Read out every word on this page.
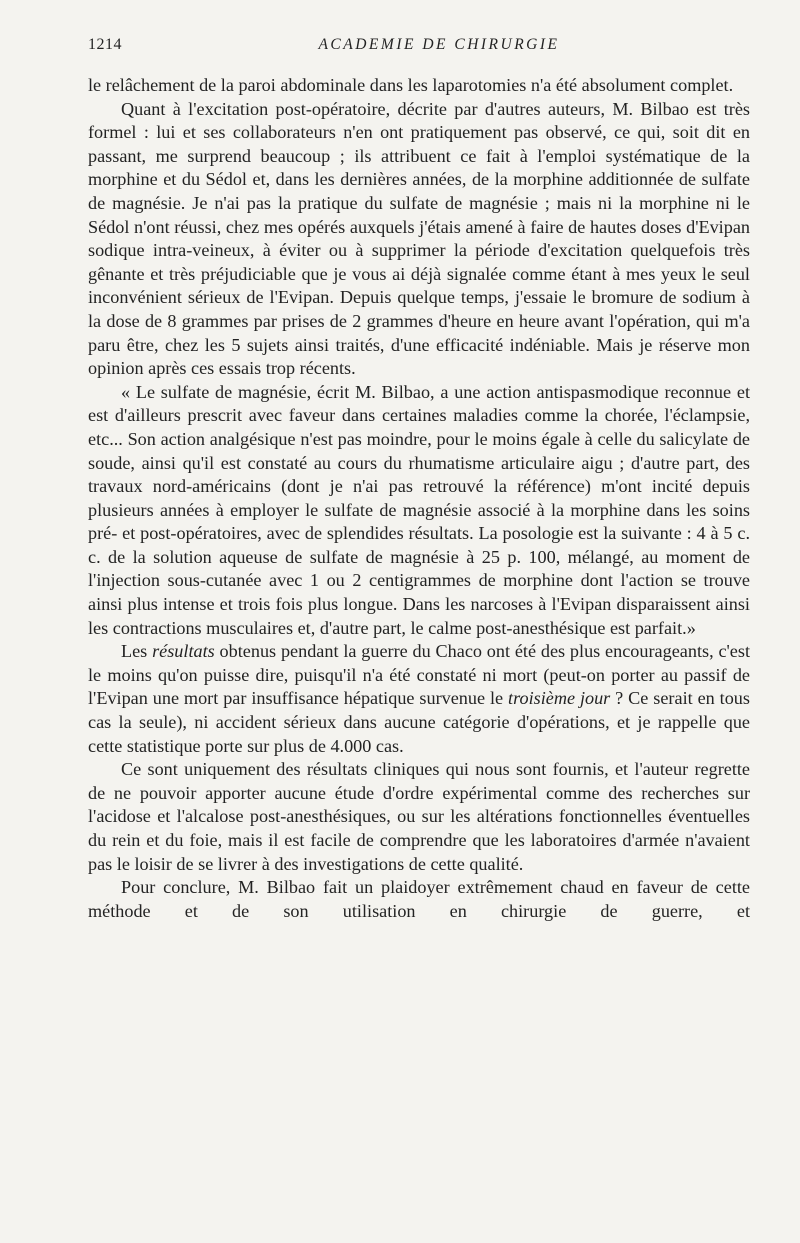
1214	ACADEMIE DE CHIRURGIE

le relâchement de la paroi abdominale dans les laparotomies n'a été absolument complet.

Quant à l'excitation post-opératoire, décrite par d'autres auteurs, M. Bilbao est très formel : lui et ses collaborateurs n'en ont pratiquement pas observé, ce qui, soit dit en passant, me surprend beaucoup ; ils attribuent ce fait à l'emploi systématique de la morphine et du Sédol et, dans les dernières années, de la morphine additionnée de sulfate de magnésie. Je n'ai pas la pratique du sulfate de magnésie ; mais ni la morphine ni le Sédol n'ont réussi, chez mes opérés auxquels j'étais amené à faire de hautes doses d'Evipan sodique intra-veineux, à éviter ou à supprimer la période d'excitation quelquefois très gênante et très préjudiciable que je vous ai déjà signalée comme étant à mes yeux le seul inconvénient sérieux de l'Evipan. Depuis quelque temps, j'essaie le bromure de sodium à la dose de 8 grammes par prises de 2 grammes d'heure en heure avant l'opération, qui m'a paru être, chez les 5 sujets ainsi traités, d'une efficacité indéniable. Mais je réserve mon opinion après ces essais trop récents.

« Le sulfate de magnésie, écrit M. Bilbao, a une action antispasmodique reconnue et est d'ailleurs prescrit avec faveur dans certaines maladies comme la chorée, l'éclampsie, etc... Son action analgésique n'est pas moindre, pour le moins égale à celle du salicylate de soude, ainsi qu'il est constaté au cours du rhumatisme articulaire aigu ; d'autre part, des travaux nord-américains (dont je n'ai pas retrouvé la référence) m'ont incité depuis plusieurs années à employer le sulfate de magnésie associé à la morphine dans les soins pré- et post-opératoires, avec de splendides résultats. La posologie est la suivante : 4 à 5 c. c. de la solution aqueuse de sulfate de magnésie à 25 p. 100, mélangé, au moment de l'injection sous-cutanée avec 1 ou 2 centigrammes de morphine dont l'action se trouve ainsi plus intense et trois fois plus longue. Dans les narcoses à l'Evipan disparaissent ainsi les contractions musculaires et, d'autre part, le calme post-anesthésique est parfait.»

Les résultats obtenus pendant la guerre du Chaco ont été des plus encourageants, c'est le moins qu'on puisse dire, puisqu'il n'a été constaté ni mort (peut-on porter au passif de l'Evipan une mort par insuffisance hépatique survenue le troisième jour ? Ce serait en tous cas la seule), ni accident sérieux dans aucune catégorie d'opérations, et je rappelle que cette statistique porte sur plus de 4.000 cas.

Ce sont uniquement des résultats cliniques qui nous sont fournis, et l'auteur regrette de ne pouvoir apporter aucune étude d'ordre expérimental comme des recherches sur l'acidose et l'alcalose post-anesthésiques, ou sur les altérations fonctionnelles éventuelles du rein et du foie, mais il est facile de comprendre que les laboratoires d'armée n'avaient pas le loisir de se livrer à des investigations de cette qualité.

Pour conclure, M. Bilbao fait un plaidoyer extrêmement chaud en faveur de cette méthode et de son utilisation en chirurgie de guerre, et
